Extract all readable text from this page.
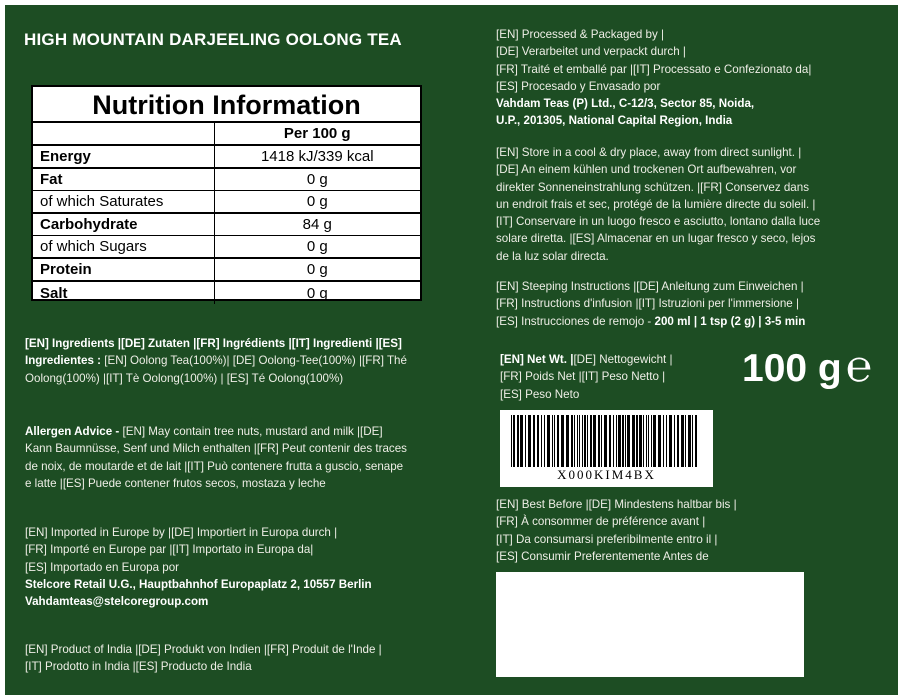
HIGH MOUNTAIN DARJEELING OOLONG TEA
Nutrition Information
	Per 100 g
Energy	1418 kJ/339 kcal
Fat	0 g
of which Saturates	0 g
Carbohydrate	84 g
of which Sugars	0 g
Protein	0 g
Salt	0 g
[EN] Ingredients |[DE] Zutaten |[FR] Ingrédients |[IT] Ingredienti |[ES]
Ingredientes : [EN] Oolong Tea(100%)| [DE] Oolong-Tee(100%) |[FR] Thé
Oolong(100%) |[IT] Tè Oolong(100%) | [ES] Té Oolong(100%)
Allergen Advice - [EN] May contain tree nuts, mustard and milk |[DE]
Kann Baumnüsse, Senf und Milch enthalten |[FR] Peut contenir des traces
de noix, de moutarde et de lait |[IT] Può contenere frutta a guscio, senape
e latte |[ES] Puede contener frutos secos, mostaza y leche
[EN] Imported in Europe by |[DE] Importiert in Europa durch |
[FR] Importé en Europe par |[IT] Importato in Europa da|
[ES] Importado en Europa por
Stelcore Retail U.G., Hauptbahnhof Europaplatz 2, 10557 Berlin
Vahdamteas@stelcoregroup.com
[EN] Product of India |[DE] Produkt von Indien |[FR] Produit de l'Inde |
[IT] Prodotto in India |[ES] Producto de India
[EN] Processed & Packaged by |
[DE] Verarbeitet und verpackt durch |
[FR] Traité et emballé par |[IT] Processato e Confezionato da|
[ES] Procesado y Envasado por
Vahdam Teas (P) Ltd., C-12/3, Sector 85, Noida,
U.P., 201305, National Capital Region, India
[EN] Store in a cool & dry place, away from direct sunlight. |
[DE] An einem kühlen und trockenen Ort aufbewahren, vor
direkter Sonneneinstrahlung schützen. |[FR] Conservez dans
un endroit frais et sec, protégé de la lumière directe du soleil. |
[IT] Conservare in un luogo fresco e asciutto, lontano dalla luce
solare diretta. |[ES] Almacenar en un lugar fresco y seco, lejos
de la luz solar directa.
[EN] Steeping Instructions |[DE] Anleitung zum Einweichen |
[FR] Instructions d'infusion |[IT] Istruzioni per l'immersione |
[ES] Instrucciones de remojo - 200 ml | 1 tsp (2 g) | 3-5 min
[EN] Net Wt. |[DE] Nettogewicht |
[FR] Poids Net |[IT] Peso Netto |
[ES] Peso Neto
100 g℮
X000KIM4BX
[EN] Best Before |[DE] Mindestens haltbar bis |
[FR] À consommer de préférence avant |
[IT] Da consumarsi preferibilmente entro il |
[ES] Consumir Preferentemente Antes de
